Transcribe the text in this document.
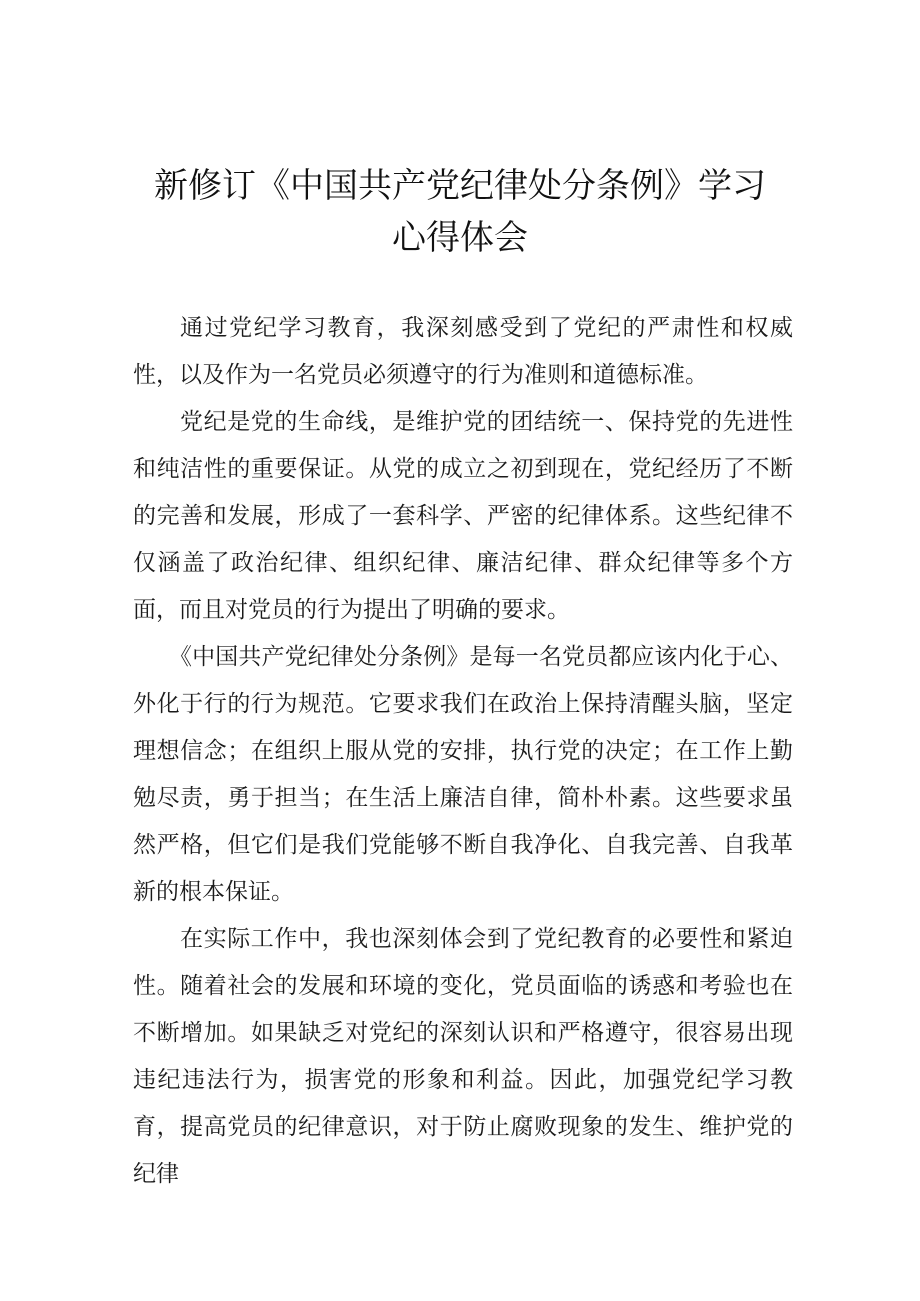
新修订《中国共产党纪律处分条例》学习
心得体会

通过党纪学习教育，我深刻感受到了党纪的严肃性和权威性，以及作为一名党员必须遵守的行为准则和道德标准。

党纪是党的生命线，是维护党的团结统一、保持党的先进性和纯洁性的重要保证。从党的成立之初到现在，党纪经历了不断的完善和发展，形成了一套科学、严密的纪律体系。这些纪律不仅涵盖了政治纪律、组织纪律、廉洁纪律、群众纪律等多个方面，而且对党员的行为提出了明确的要求。

《中国共产党纪律处分条例》是每一名党员都应该内化于心、外化于行的行为规范。它要求我们在政治上保持清醒头脑，坚定理想信念；在组织上服从党的安排，执行党的决定；在工作上勤勉尽责，勇于担当；在生活上廉洁自律，简朴朴素。这些要求虽然严格，但它们是我们党能够不断自我净化、自我完善、自我革新的根本保证。

在实际工作中，我也深刻体会到了党纪教育的必要性和紧迫性。随着社会的发展和环境的变化，党员面临的诱惑和考验也在不断增加。如果缺乏对党纪的深刻认识和严格遵守，很容易出现违纪违法行为，损害党的形象和利益。因此，加强党纪学习教育，提高党员的纪律意识，对于防止腐败现象的发生、维护党的纪律
